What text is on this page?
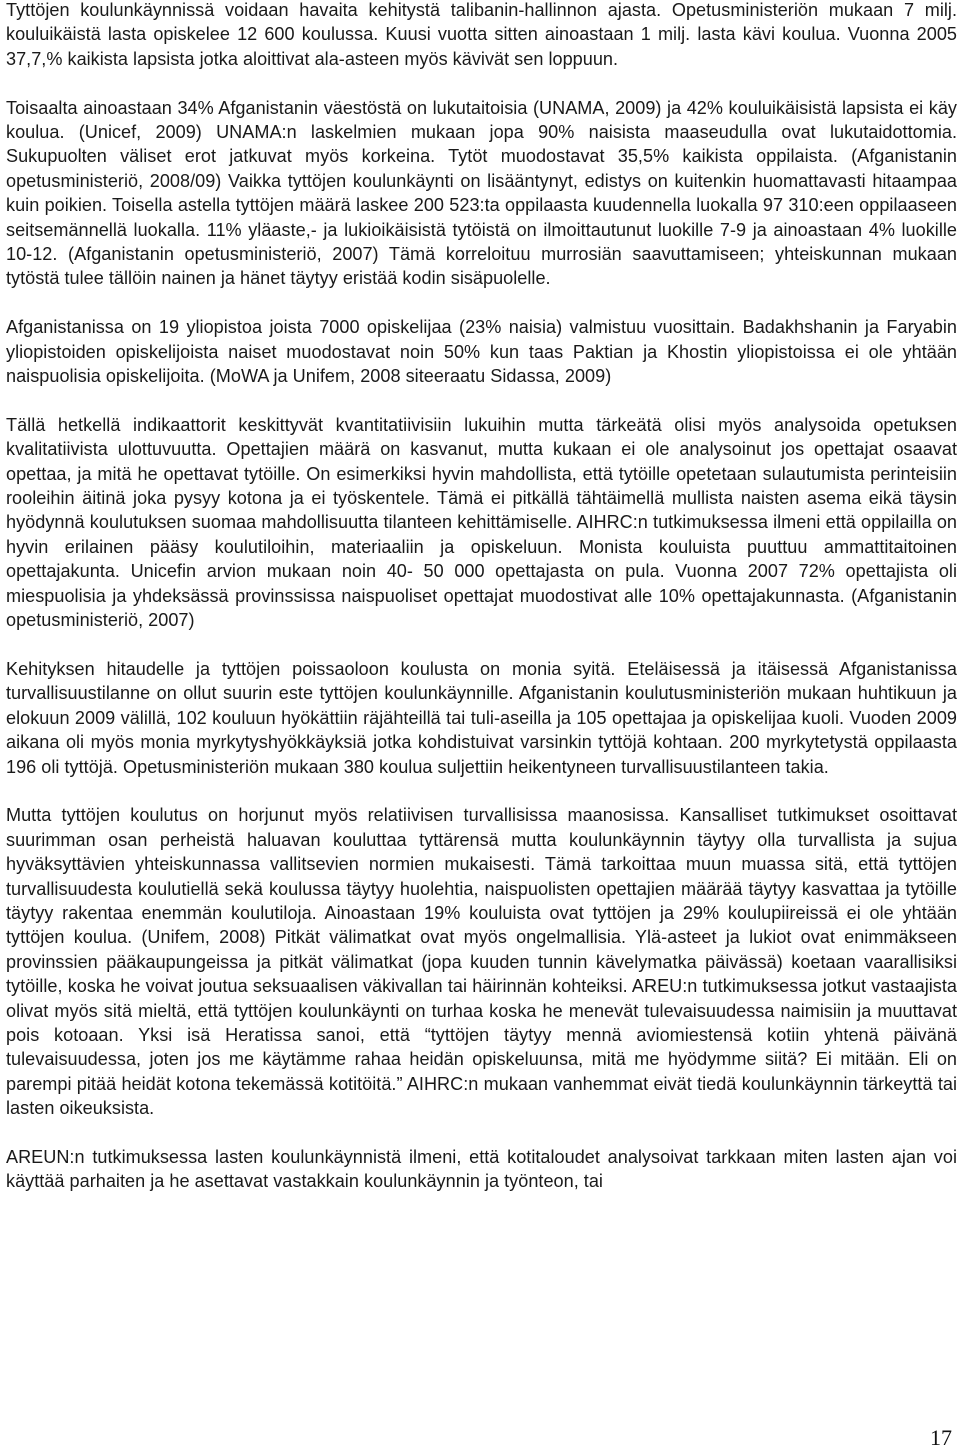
Tyttöjen koulunkäynnissä voidaan havaita kehitystä talibanin-hallinnon ajasta. Opetusministeriön mukaan 7 milj. kouluikäistä lasta opiskelee 12 600 koulussa. Kuusi vuotta sitten ainoastaan 1 milj. lasta kävi koulua. Vuonna 2005 37,7,% kaikista lapsista jotka aloittivat ala-asteen myös kävivät sen loppuun.

Toisaalta ainoastaan 34% Afganistanin väestöstä on lukutaitoisia (UNAMA, 2009) ja 42% kouluikäisistä lapsista ei käy koulua. (Unicef, 2009) UNAMA:n laskelmien mukaan jopa 90% naisista maaseudulla ovat lukutaidottomia. Sukupuolten väliset erot jatkuvat myös korkeina. Tytöt muodostavat 35,5% kaikista oppilaista. (Afganistanin opetusministeriö, 2008/09) Vaikka tyttöjen koulunkäynti on lisääntynyt, edistys on kuitenkin huomattavasti hitaampaa kuin poikien. Toisella astella tyttöjen määrä laskee 200 523:ta oppilaasta kuudennella luokalla 97 310:een oppilaaseen seitsemännellä luokalla. 11% yläaste,- ja lukioikäisistä tytöistä on ilmoittautunut luokille 7-9 ja ainoastaan 4% luokille 10-12. (Afganistanin opetusministeriö, 2007) Tämä korreloituu murrosiän saavuttamiseen; yhteiskunnan mukaan tytöstä tulee tällöin nainen ja hänet täytyy eristää kodin sisäpuolelle.

Afganistanissa on 19 yliopistoa joista 7000 opiskelijaa (23% naisia) valmistuu vuosittain. Badakhshanin ja Faryabin yliopistoiden opiskelijoista naiset muodostavat noin 50% kun taas Paktian ja Khostin yliopistoissa ei ole yhtään naispuolisia opiskelijoita. (MoWA ja Unifem, 2008 siteeraatu Sidassa, 2009)

Tällä hetkellä indikaattorit keskittyvät kvantitatiivisiin lukuihin mutta tärkeätä olisi myös analysoida opetuksen kvalitatiivista ulottuvuutta. Opettajien määrä on kasvanut, mutta kukaan ei ole analysoinut jos opettajat osaavat opettaa, ja mitä he opettavat tytöille. On esimerkiksi hyvin mahdollista, että tytöille opetetaan sulautumista perinteisiin rooleihin äitinä joka pysyy kotona ja ei työskentele. Tämä ei pitkällä tähtäimellä mullista naisten asema eikä täysin hyödynnä koulutuksen suomaa mahdollisuutta tilanteen kehittämiselle. AIHRC:n tutkimuksessa ilmeni että oppilailla on hyvin erilainen pääsy koulutiloihin, materiaaliin ja opiskeluun. Monista kouluista puuttuu ammattitaitoinen opettajakunta. Unicefin arvion mukaan noin 40- 50 000 opettajasta on pula. Vuonna 2007 72% opettajista oli miespuolisia ja yhdeksässä provinssissa naispuoliset opettajat muodostivat alle 10% opettajakunnasta. (Afganistanin opetusministeriö, 2007)

Kehityksen hitaudelle ja tyttöjen poissaoloon koulusta on monia syitä. Eteläisessä ja itäisessä Afganistanissa turvallisuustilanne on ollut suurin este tyttöjen koulunkäynnille. Afganistanin koulutusministeriön mukaan huhtikuun ja elokuun 2009 välillä, 102 kouluun hyökättiin räjähteillä tai tuli-aseilla ja 105 opettajaa ja opiskelijaa kuoli. Vuoden 2009 aikana oli myös monia myrkytyshyökkäyksiä jotka kohdistuivat varsinkin tyttöjä kohtaan. 200 myrkytetystä oppilaasta 196 oli tyttöjä. Opetusministeriön mukaan 380 koulua suljettiin heikentyneen turvallisuustilanteen takia.

Mutta tyttöjen koulutus on horjunut myös relatiivisen turvallisissa maanosissa. Kansalliset tutkimukset osoittavat suurimman osan perheistä haluavan kouluttaa tyttärensä mutta koulunkäynnin täytyy olla turvallista ja sujua hyväksyttävien yhteiskunnassa vallitsevien normien mukaisesti. Tämä tarkoittaa muun muassa sitä, että tyttöjen turvallisuudesta koulutiellä sekä koulussa täytyy huolehtia, naispuolisten opettajien määrää täytyy kasvattaa ja tytöille täytyy rakentaa enemmän koulutiloja. Ainoastaan 19% kouluista ovat tyttöjen ja 29% koulupiireissä ei ole yhtään tyttöjen koulua. (Unifem, 2008) Pitkät välimatkat ovat myös ongelmallisia. Ylä-asteet ja lukiot ovat enimmäkseen provinssien pääkaupungeissa ja pitkät välimatkat (jopa kuuden tunnin kävelymatka päivässä) koetaan vaarallisiksi tytöille, koska he voivat joutua seksuaalisen väkivallan tai häirinnän kohteiksi. AREU:n tutkimuksessa jotkut vastaajista olivat myös sitä mieltä, että tyttöjen koulunkäynti on turhaa koska he menevät tulevaisuudessa naimisiin ja muuttavat pois kotoaan. Yksi isä Heratissa sanoi, että “tyttöjen täytyy mennä aviomiestensä kotiin yhtenä päivänä tulevaisuudessa, joten jos me käytämme rahaa heidän opiskeluunsa, mitä me hyödymme siitä? Ei mitään. Eli on parempi pitää heidät kotona tekemässä kotitöitä.” AIHRC:n mukaan vanhemmat eivät tiedä koulunkäynnin tärkeyttä tai lasten oikeuksista.

AREUN:n tutkimuksessa lasten koulunkäynnistä ilmeni, että kotitaloudet analysoivat tarkkaan miten lasten ajan voi käyttää parhaiten ja he asettavat vastakkain koulunkäynnin ja työnteon, tai

17
